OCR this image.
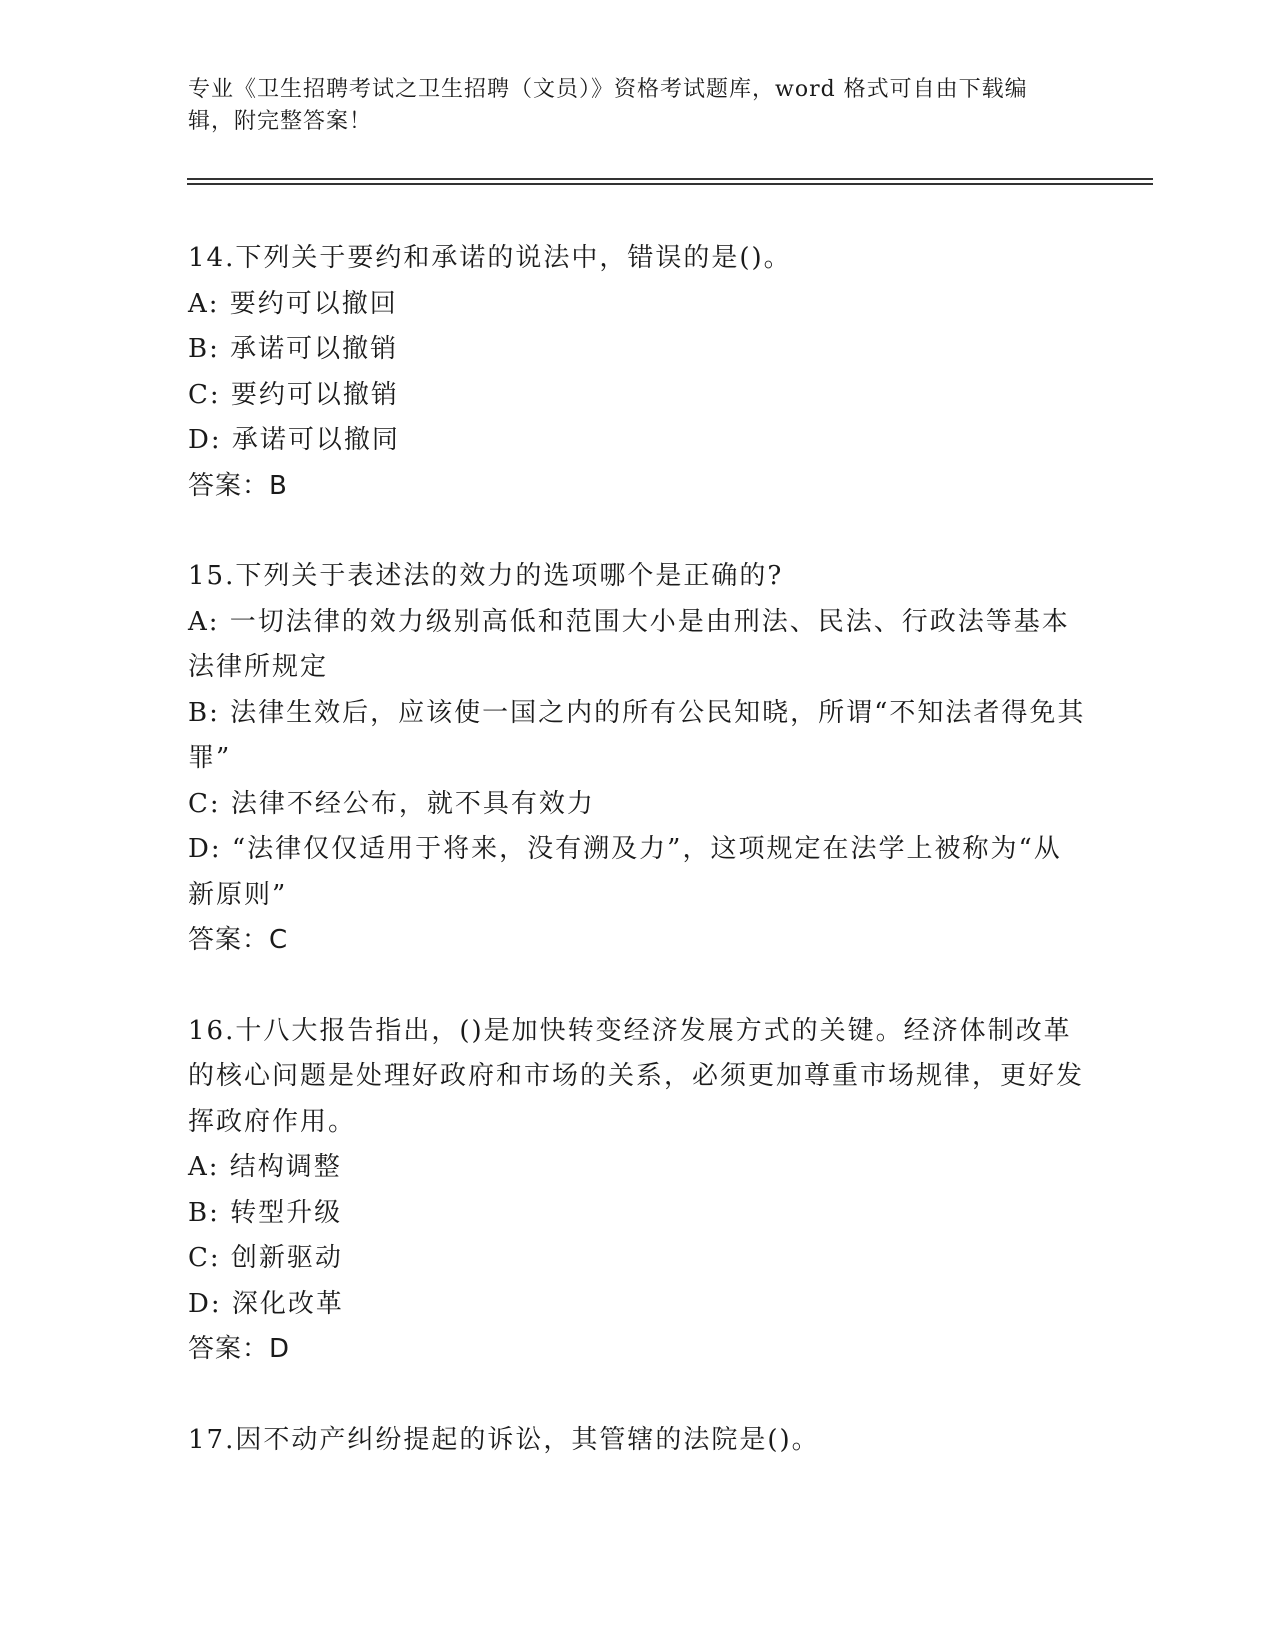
专业《卫生招聘考试之卫生招聘（文员）》资格考试题库，word 格式可自由下载编辑，附完整答案！

14.下列关于要约和承诺的说法中，错误的是()。

A: 要约可以撤回

B: 承诺可以撤销

C: 要约可以撤销

D: 承诺可以撤同

答案：B

15.下列关于表述法的效力的选项哪个是正确的?

A: 一切法律的效力级别高低和范围大小是由刑法、民法、行政法等基本法律所规定

B: 法律生效后，应该使一国之内的所有公民知晓，所谓“不知法者得免其罪”

C: 法律不经公布，就不具有效力

D: “法律仅仅适用于将来，没有溯及力”，这项规定在法学上被称为“从新原则”

答案：C

16.十八大报告指出，()是加快转变经济发展方式的关键。经济体制改革的核心问题是处理好政府和市场的关系，必须更加尊重市场规律，更好发挥政府作用。

A: 结构调整

B: 转型升级

C: 创新驱动

D: 深化改革

答案：D

17.因不动产纠纷提起的诉讼，其管辖的法院是()。
